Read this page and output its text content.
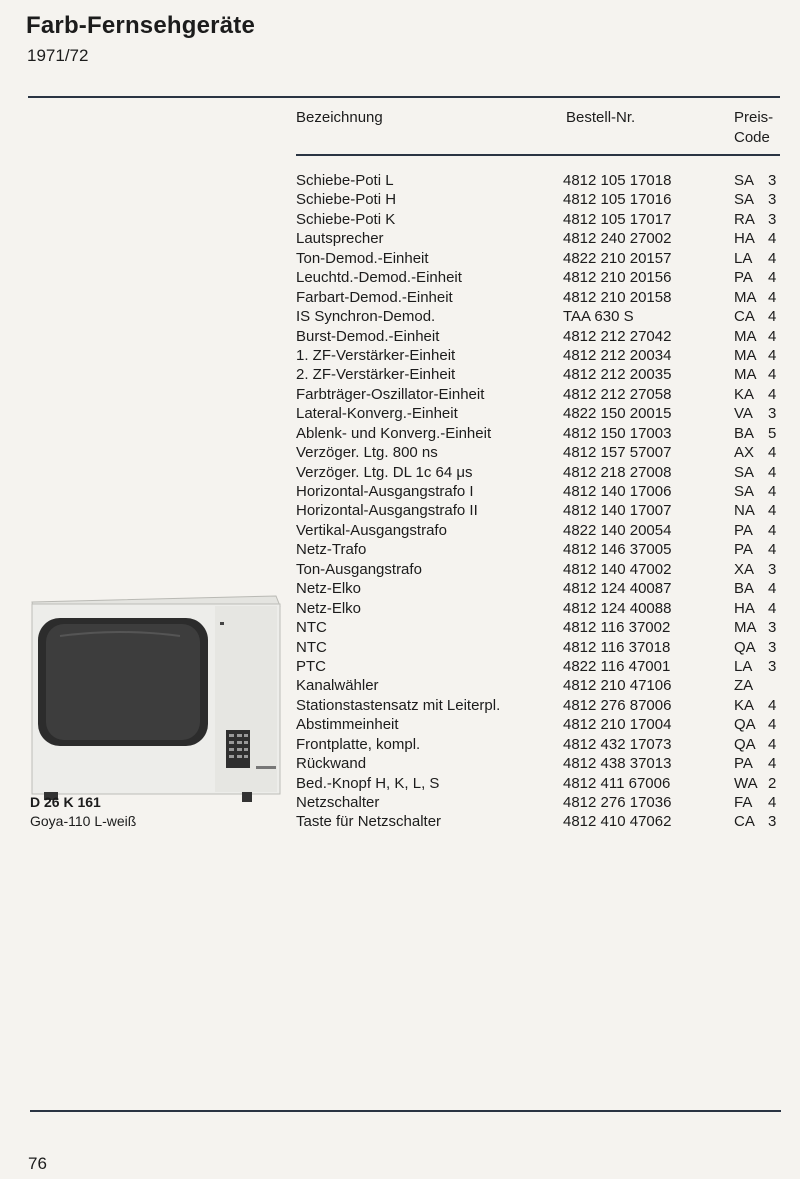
Farb-Fernsehgeräte
1971/72
Bezeichnung	Bestell-Nr.	Preis-
Code
Schiebe-Poti L	4812 105 17018	SA 3
Schiebe-Poti H	4812 105 17016	SA 3
Schiebe-Poti K	4812 105 17017	RA 3
Lautsprecher	4812 240 27002	HA 4
Ton-Demod.-Einheit	4822 210 20157	LA 4
Leuchtd.-Demod.-Einheit	4812 210 20156	PA 4
Farbart-Demod.-Einheit	4812 210 20158	MA 4
IS Synchron-Demod.	TAA 630 S	CA 4
Burst-Demod.-Einheit	4812 212 27042	MA 4
1. ZF-Verstärker-Einheit	4812 212 20034	MA 4
2. ZF-Verstärker-Einheit	4812 212 20035	MA 4
Farbträger-Oszillator-Einheit	4812 212 27058	KA 4
Lateral-Konverg.-Einheit	4822 150 20015	VA 3
Ablenk- und Konverg.-Einheit	4812 150 17003	BA 5
Verzöger. Ltg. 800 ns	4812 157 57007	AX 4
Verzöger. Ltg. DL 1c 64 μs	4812 218 27008	SA 4
Horizontal-Ausgangstrafo I	4812 140 17006	SA 4
Horizontal-Ausgangstrafo II	4812 140 17007	NA 4
Vertikal-Ausgangstrafo	4822 140 20054	PA 4
Netz-Trafo	4812 146 37005	PA 4
Ton-Ausgangstrafo	4812 140 47002	XA 3
Netz-Elko	4812 124 40087	BA 4
Netz-Elko	4812 124 40088	HA 4
NTC	4812 116 37002	MA 3
NTC	4812 116 37018	QA 3
PTC	4822 116 47001	LA 3
Kanalwähler	4812 210 47106	ZA
Stationstastensatz mit Leiterpl.	4812 276 87006	KA 4
Abstimmeinheit	4812 210 17004	QA 4
Frontplatte, kompl.	4812 432 17073	QA 4
Rückwand	4812 438 37013	PA 4
Bed.-Knopf H, K, L, S	4812 411 67006	WA 2
Netzschalter	4812 276 17036	FA 4
Taste für Netzschalter	4812 410 47062	CA 3
D 26 K 161
Goya-110 L-weiß
76
